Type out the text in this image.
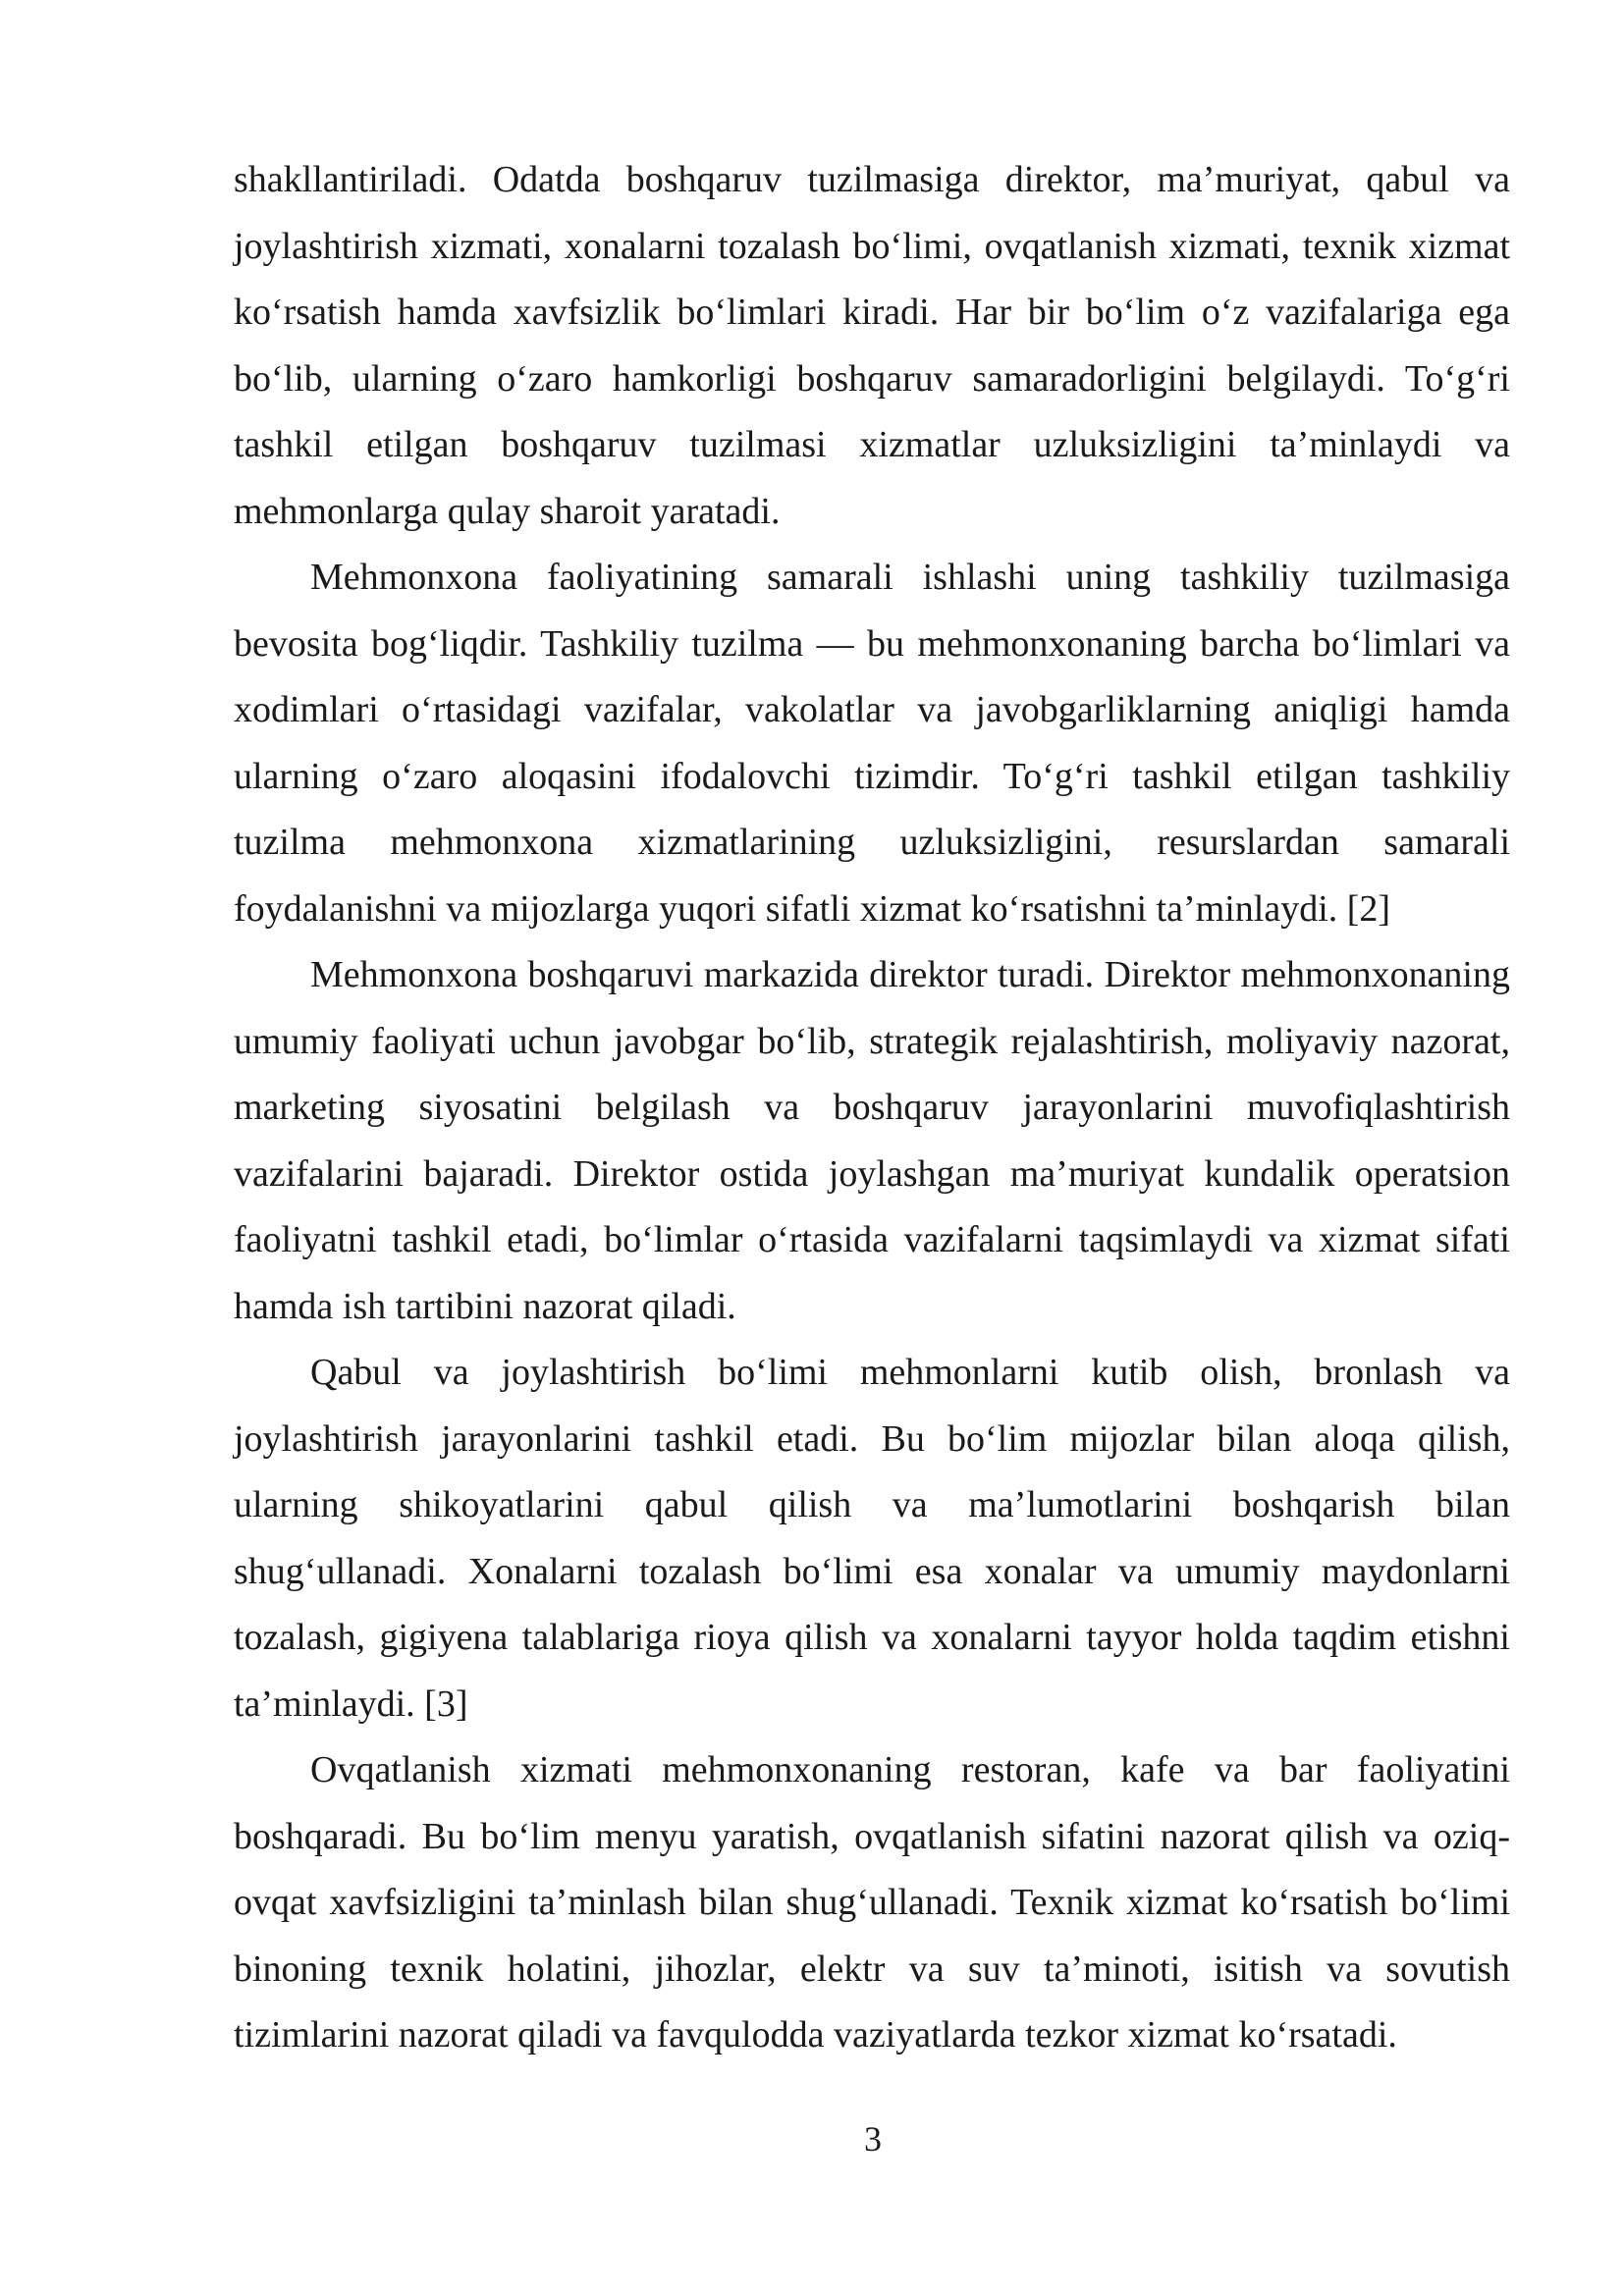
shakllantiriladi. Odatda boshqaruv tuzilmasiga direktor, ma’muriyat, qabul va joylashtirish xizmati, xonalarni tozalash bo‘limi, ovqatlanish xizmati, texnik xizmat ko‘rsatish hamda xavfsizlik bo‘limlari kiradi. Har bir bo‘lim o‘z vazifalariga ega bo‘lib, ularning o‘zaro hamkorligi boshqaruv samaradorligini belgilaydi. To‘g‘ri tashkil etilgan boshqaruv tuzilmasi xizmatlar uzluksizligini ta’minlaydi va mehmonlarga qulay sharoit yaratadi.

Mehmonxona faoliyatining samarali ishlashi uning tashkiliy tuzilmasiga bevosita bog‘liqdir. Tashkiliy tuzilma — bu mehmonxonaning barcha bo‘limlari va xodimlari o‘rtasidagi vazifalar, vakolatlar va javobgarliklarning aniqligi hamda ularning o‘zaro aloqasini ifodalovchi tizimdir. To‘g‘ri tashkil etilgan tashkiliy tuzilma mehmonxona xizmatlarining uzluksizligini, resurslardan samarali foydalanishni va mijozlarga yuqori sifatli xizmat ko‘rsatishni ta’minlaydi. [2]

Mehmonxona boshqaruvi markazida direktor turadi. Direktor mehmonxonaning umumiy faoliyati uchun javobgar bo‘lib, strategik rejalashtirish, moliyaviy nazorat, marketing siyosatini belgilash va boshqaruv jarayonlarini muvofiqlashtirish vazifalarini bajaradi. Direktor ostida joylashgan ma’muriyat kundalik operatsion faoliyatni tashkil etadi, bo‘limlar o‘rtasida vazifalarni taqsimlaydi va xizmat sifati hamda ish tartibini nazorat qiladi.

Qabul va joylashtirish bo‘limi mehmonlarni kutib olish, bronlash va joylashtirish jarayonlarini tashkil etadi. Bu bo‘lim mijozlar bilan aloqa qilish, ularning shikoyatlarini qabul qilish va ma’lumotlarini boshqarish bilan shug‘ullanadi. Xonalarni tozalash bo‘limi esa xonalar va umumiy maydonlarni tozalash, gigiyena talablariga rioya qilish va xonalarni tayyor holda taqdim etishni ta’minlaydi. [3]

Ovqatlanish xizmati mehmonxonaning restoran, kafe va bar faoliyatini boshqaradi. Bu bo‘lim menyu yaratish, ovqatlanish sifatini nazorat qilish va oziq-ovqat xavfsizligini ta’minlash bilan shug‘ullanadi. Texnik xizmat ko‘rsatish bo‘limi binoning texnik holatini, jihozlar, elektr va suv ta’minoti, isitish va sovutish tizimlarini nazorat qiladi va favqulodda vaziyatlarda tezkor xizmat ko‘rsatadi.

3
